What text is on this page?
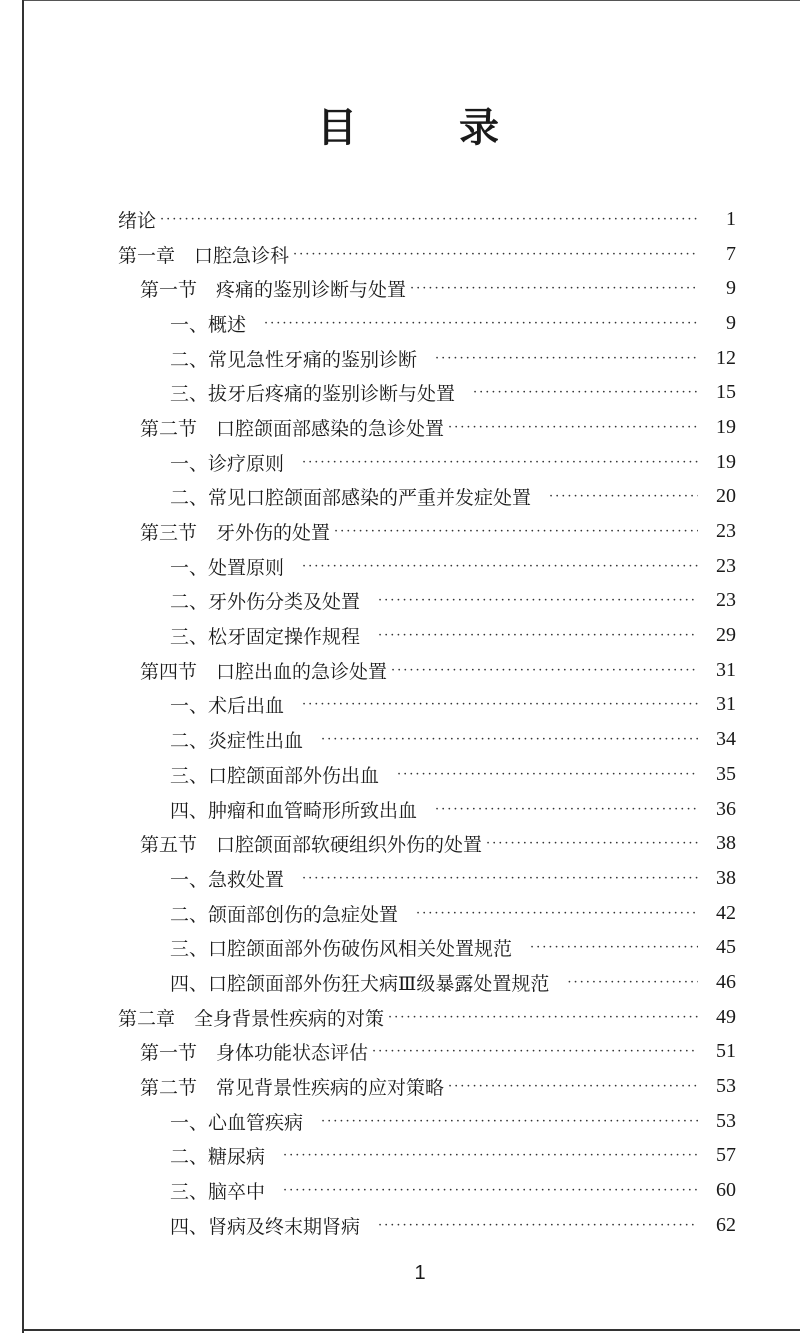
目 录
绪论 ·····	1
第一章　口腔急诊科 ·····	7
第一节　疼痛的鉴别诊断与处置 ·····	9
一、概述 ·····	9
二、常见急性牙痛的鉴别诊断 ·····	12
三、拔牙后疼痛的鉴别诊断与处置 ·····	15
第二节　口腔颌面部感染的急诊处置 ·····	19
一、诊疗原则 ·····	19
二、常见口腔颌面部感染的严重并发症处置 ·····	20
第三节　牙外伤的处置 ·····	23
一、处置原则 ·····	23
二、牙外伤分类及处置 ·····	23
三、松牙固定操作规程 ·····	29
第四节　口腔出血的急诊处置 ·····	31
一、术后出血 ·····	31
二、炎症性出血 ·····	34
三、口腔颌面部外伤出血 ·····	35
四、肿瘤和血管畸形所致出血 ·····	36
第五节　口腔颌面部软硬组织外伤的处置 ·····	38
一、急救处置 ·····	38
二、颌面部创伤的急症处置 ·····	42
三、口腔颌面部外伤破伤风相关处置规范 ·····	45
四、口腔颌面部外伤狂犬病Ⅲ级暴露处置规范 ·····	46
第二章　全身背景性疾病的对策 ·····	49
第一节　身体功能状态评估 ·····	51
第二节　常见背景性疾病的应对策略 ·····	53
一、心血管疾病 ·····	53
二、糖尿病 ·····	57
三、脑卒中 ·····	60
四、肾病及终末期肾病 ·····	62
1
